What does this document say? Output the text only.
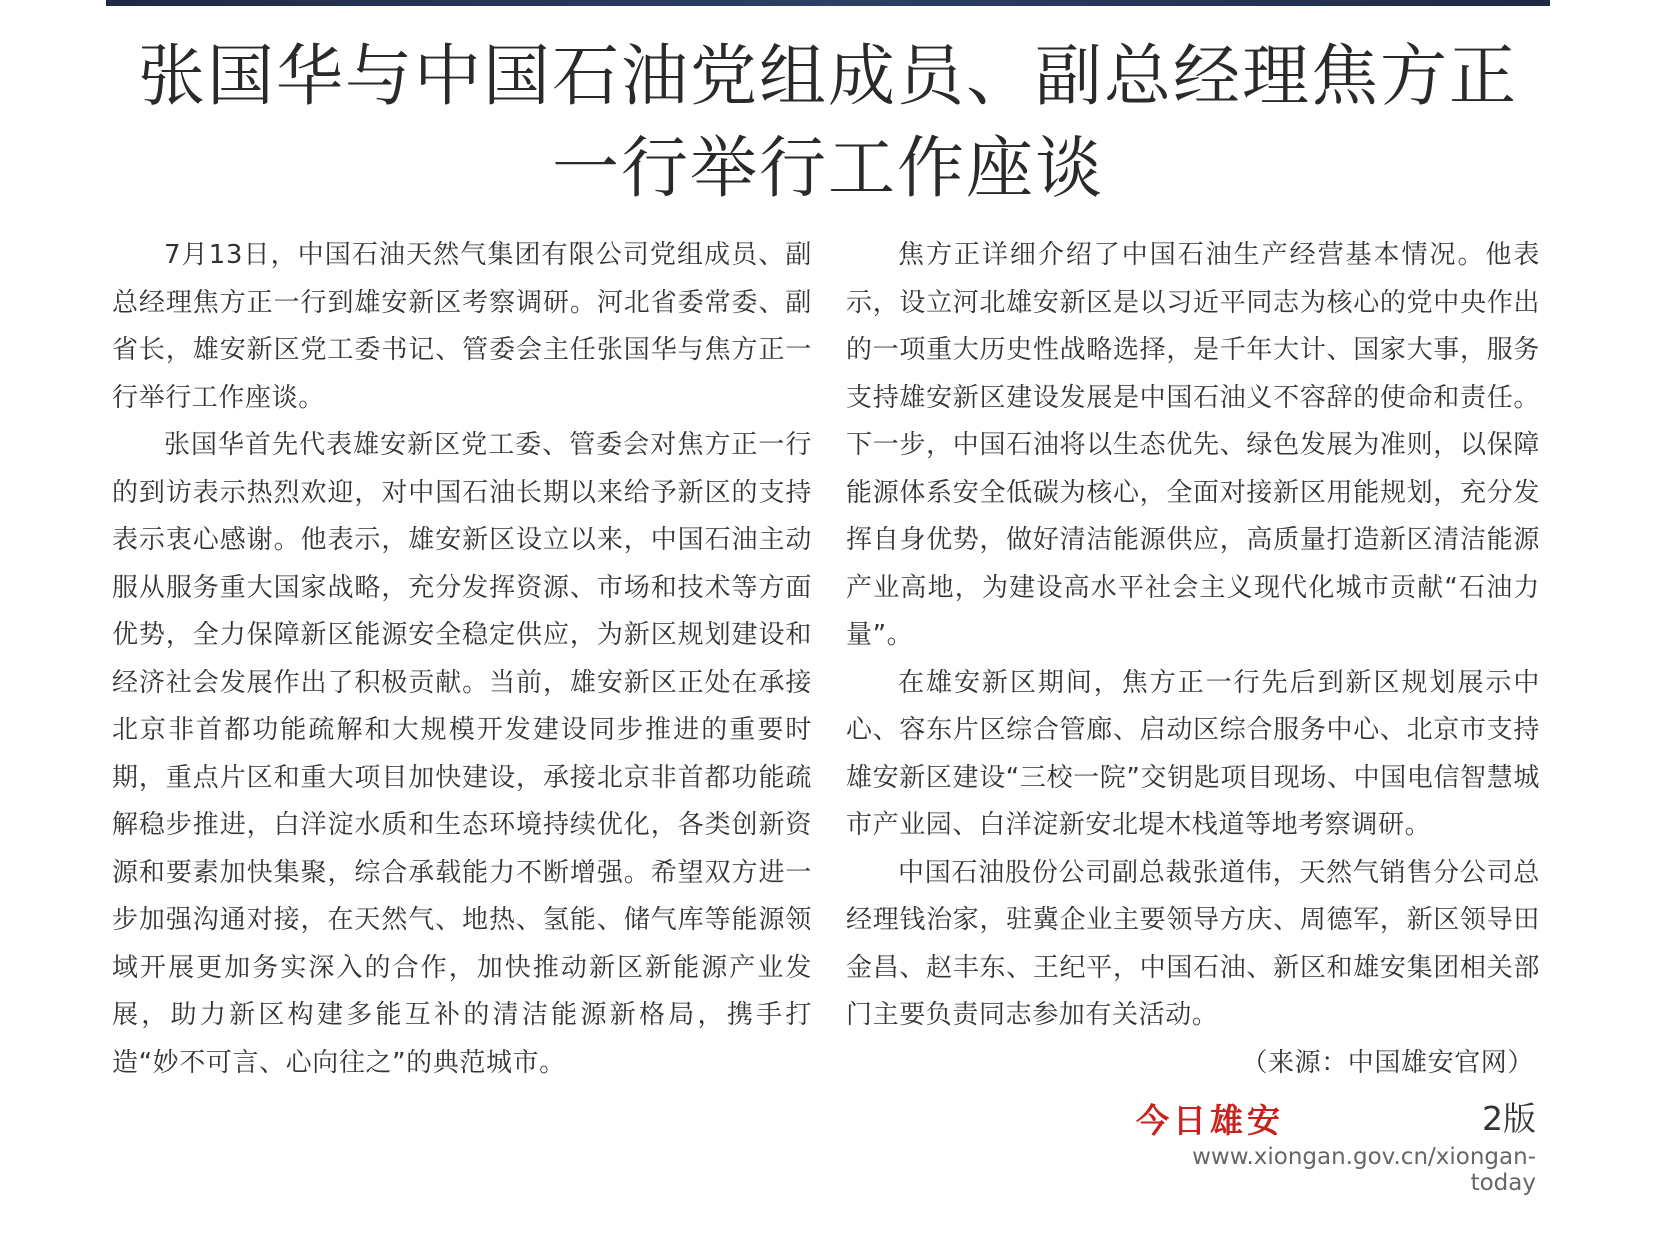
张国华与中国石油党组成员、副总经理焦方正
一行举行工作座谈

7月13日，中国石油天然气集团有限公司党组成员、副总经理焦方正一行到雄安新区考察调研。河北省委常委、副省长，雄安新区党工委书记、管委会主任张国华与焦方正一行举行工作座谈。

张国华首先代表雄安新区党工委、管委会对焦方正一行的到访表示热烈欢迎，对中国石油长期以来给予新区的支持表示衷心感谢。他表示，雄安新区设立以来，中国石油主动服从服务重大国家战略，充分发挥资源、市场和技术等方面优势，全力保障新区能源安全稳定供应，为新区规划建设和经济社会发展作出了积极贡献。当前，雄安新区正处在承接北京非首都功能疏解和大规模开发建设同步推进的重要时期，重点片区和重大项目加快建设，承接北京非首都功能疏解稳步推进，白洋淀水质和生态环境持续优化，各类创新资源和要素加快集聚，综合承载能力不断增强。希望双方进一步加强沟通对接，在天然气、地热、氢能、储气库等能源领域开展更加务实深入的合作，加快推动新区新能源产业发展，助力新区构建多能互补的清洁能源新格局，携手打造“妙不可言、心向往之”的典范城市。

焦方正详细介绍了中国石油生产经营基本情况。他表示，设立河北雄安新区是以习近平同志为核心的党中央作出的一项重大历史性战略选择，是千年大计、国家大事，服务支持雄安新区建设发展是中国石油义不容辞的使命和责任。下一步，中国石油将以生态优先、绿色发展为准则，以保障能源体系安全低碳为核心，全面对接新区用能规划，充分发挥自身优势，做好清洁能源供应，高质量打造新区清洁能源产业高地，为建设高水平社会主义现代化城市贡献“石油力量”。

在雄安新区期间，焦方正一行先后到新区规划展示中心、容东片区综合管廊、启动区综合服务中心、北京市支持雄安新区建设“三校一院”交钥匙项目现场、中国电信智慧城市产业园、白洋淀新安北堤木栈道等地考察调研。

中国石油股份公司副总裁张道伟，天然气销售分公司总经理钱治家，驻冀企业主要领导方庆、周德军，新区领导田金昌、赵丰东、王纪平，中国石油、新区和雄安集团相关部门主要负责同志参加有关活动。

（来源：中国雄安官网）

今日雄安	2版
www.xiongan.gov.cn/xiongan-today
